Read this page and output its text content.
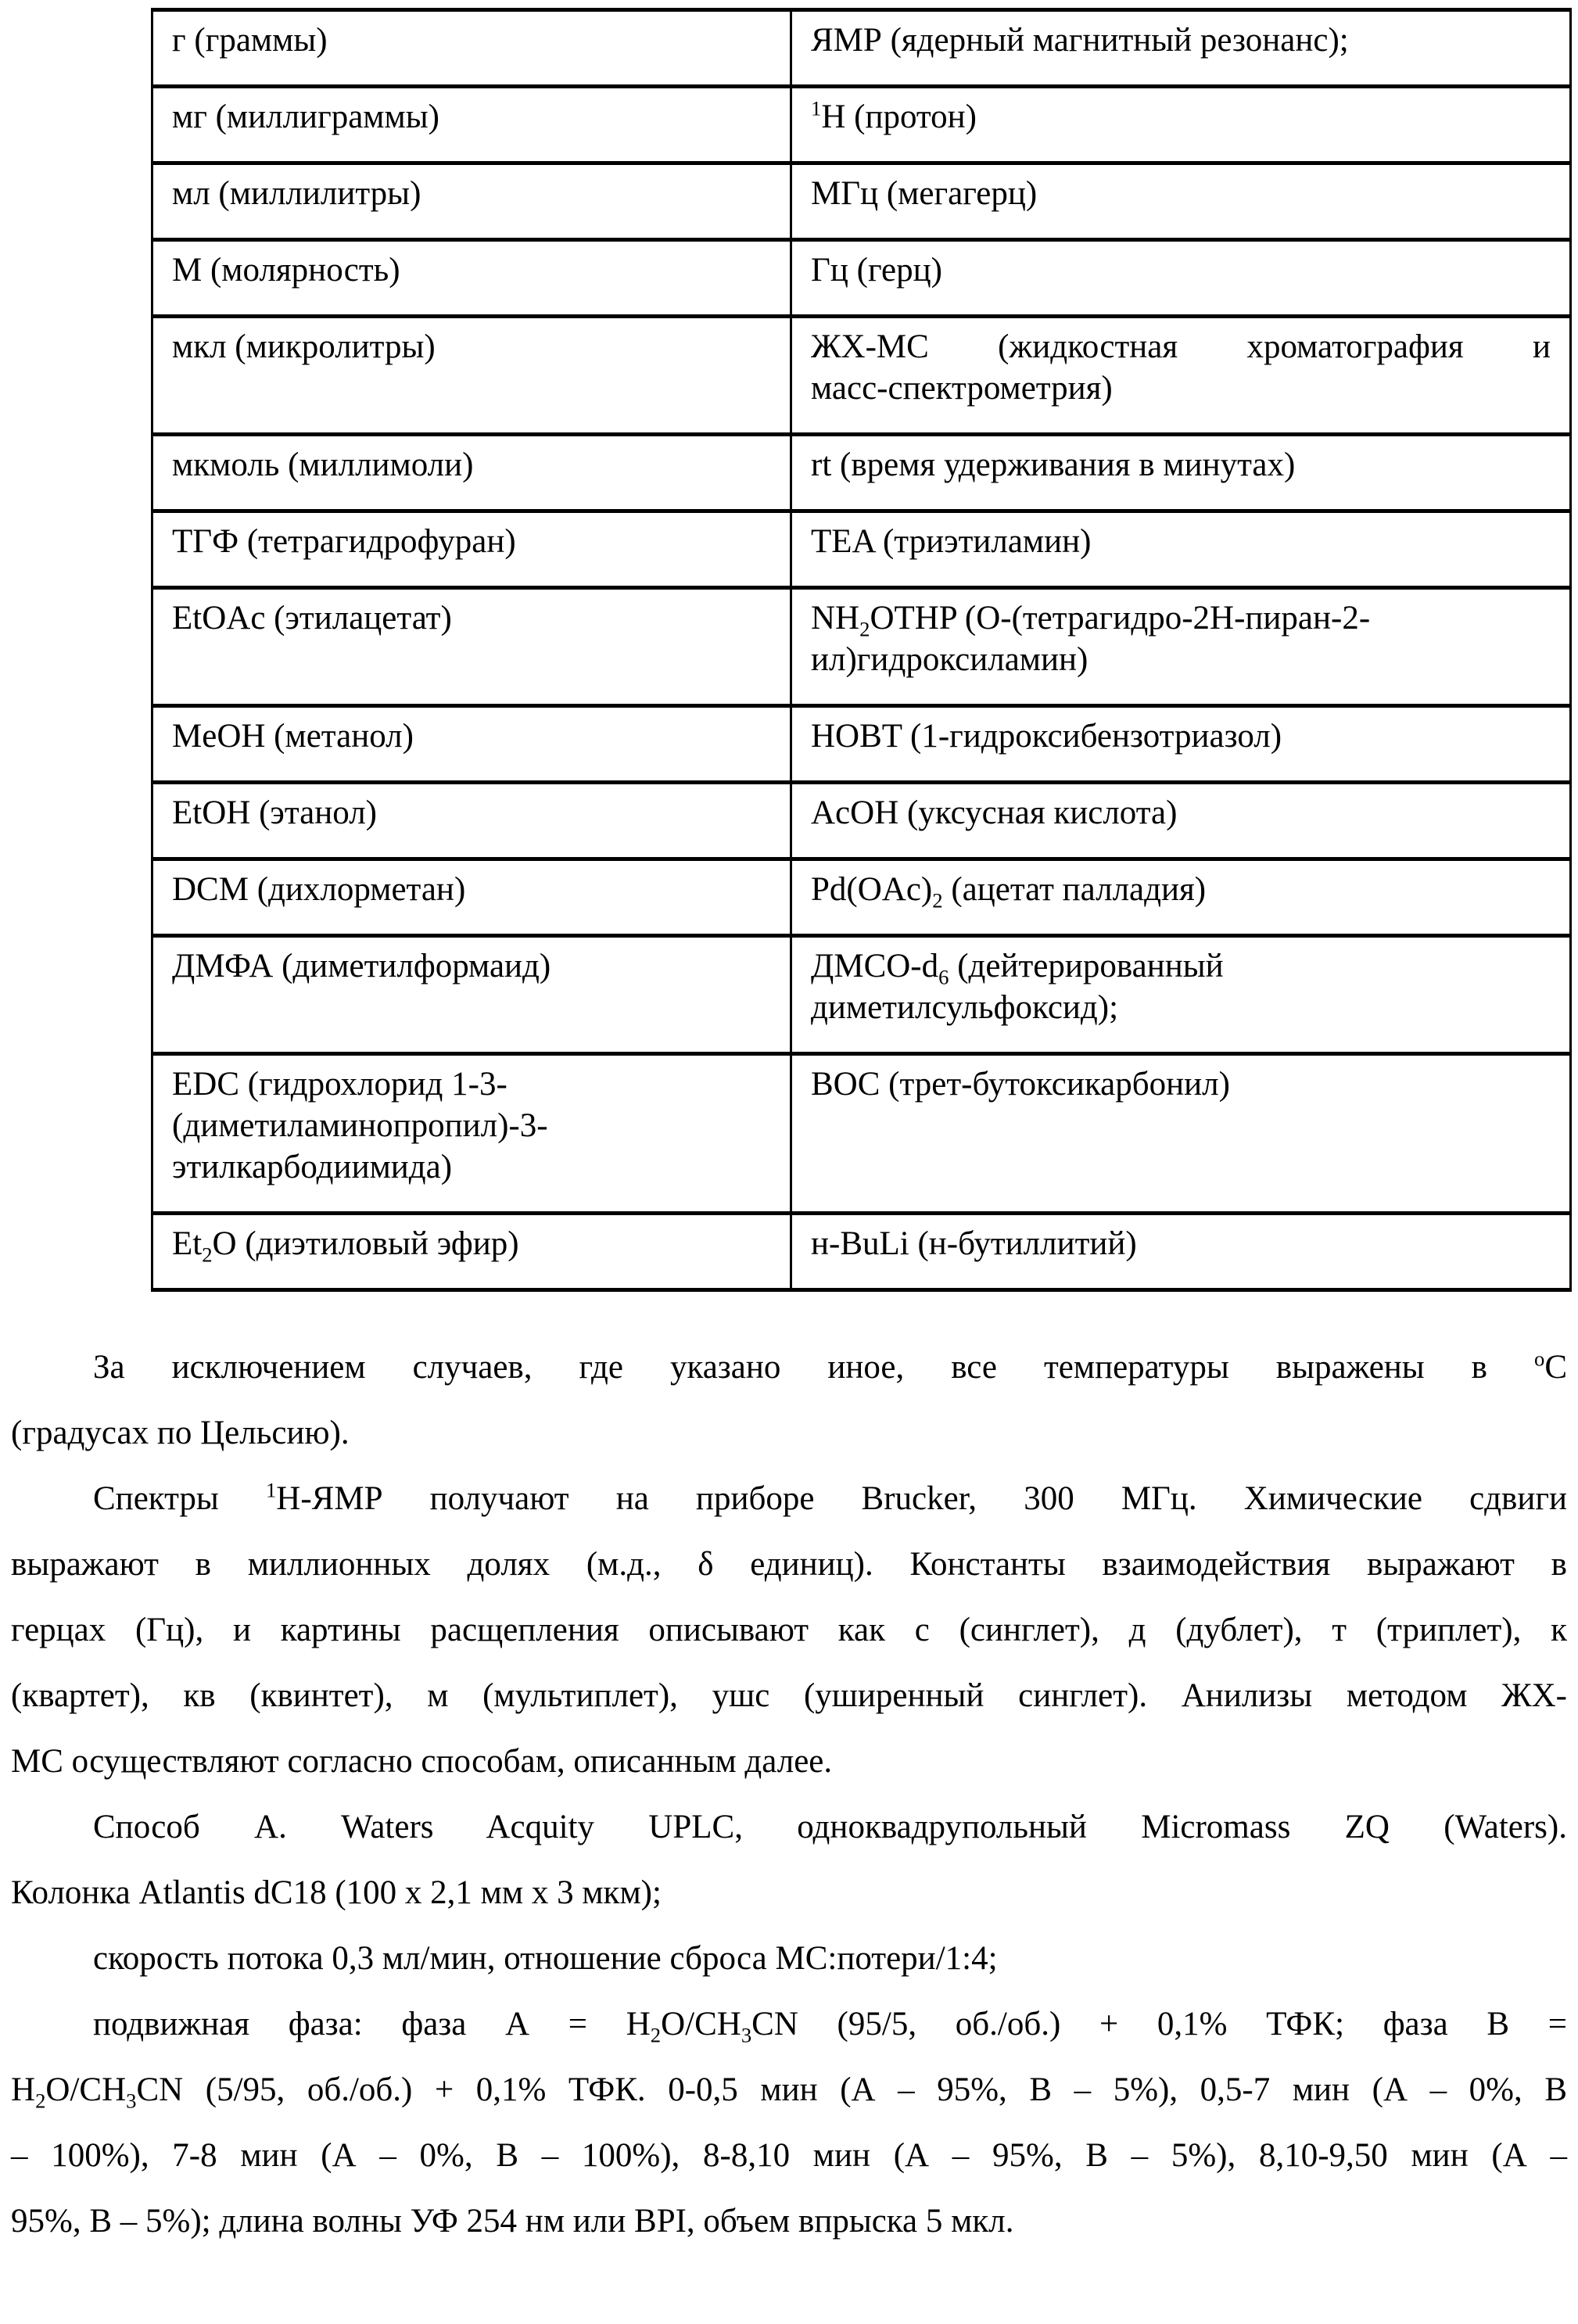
г (граммы)	ЯМР (ядерный магнитный резонанс);

мг (миллиграммы)	$^1$Н (протон)

мл (миллилитры)	МГц (мегагерц)

М (молярность)	Гц (герц)

мкл (микролитры)	ЖХ-МС (жидкостная хроматография и
масс-спектрометрия)

мкмоль (миллимоли)	rt (время удерживания в минутах)

ТГФ (тетрагидрофуран)	TEA (триэтиламин)

EtOAc (этилацетат)	$NH_2OTHP$ (O-(тетрагидро-2Н-пиран-2-
ил)гидроксиламин)

MeOH (метанол)	HOBT (1-гидроксибензотриазол)

EtOH (этанол)	AcOH (уксусная кислота)

DCM (дихлорметан)	$Pd(OAc)_2$ (ацетат палладия)

ДМФА (диметилформаид)	ДМСО-$d_6$ (дейтерированный
диметилсульфоксид);

EDC (гидрохлорид 1-3-
(диметиламинопропил)-3-
этилкарбодиимида)	BOC (трет-бутоксикарбонил)

$Et_2O$ (диэтиловый эфир)	н-BuLi (н-бутиллитий)
За исключением случаев, где указано иное, все температуры выражены в $^о$С
(градусах по Цельсию).
Спектры $^1$Н-ЯМР получают на приборе Brucker, 300 МГц. Химические сдвиги
выражают в миллионных долях (м.д., δ единиц). Константы взаимодействия выражают в
герцах (Гц), и картины расщепления описывают как с (синглет), д (дублет), т (триплет), к
(квартет), кв (квинтет), м (мультиплет), ушс (уширенный синглет). Анилизы методом ЖХ-
МС осуществляют согласно способам, описанным далее.
Способ А. Waters Acquity UPLC, одноквадрупольный Micromass ZQ (Waters).
Колонка Atlantis dC18 (100 x 2,1 мм x 3 мкм);
скорость потока 0,3 мл/мин, отношение сброса МС:потери/1:4;
подвижная фаза: фаза $А = H_2O/CH_3CN$ (95/5, об./об.) + 0,1% ТФК; фаза В =
$H_2O/CH_3CN$ (5/95, об./об.) + 0,1% ТФК. 0-0,5 мин (А – 95%, В – 5%), 0,5-7 мин (А – 0%, В
– 100%), 7-8 мин (А – 0%, В – 100%), 8-8,10 мин (А – 95%, В – 5%), 8,10-9,50 мин (А –
95%, В – 5%); длина волны УФ 254 нм или BPI, объем впрыска 5 мкл.
